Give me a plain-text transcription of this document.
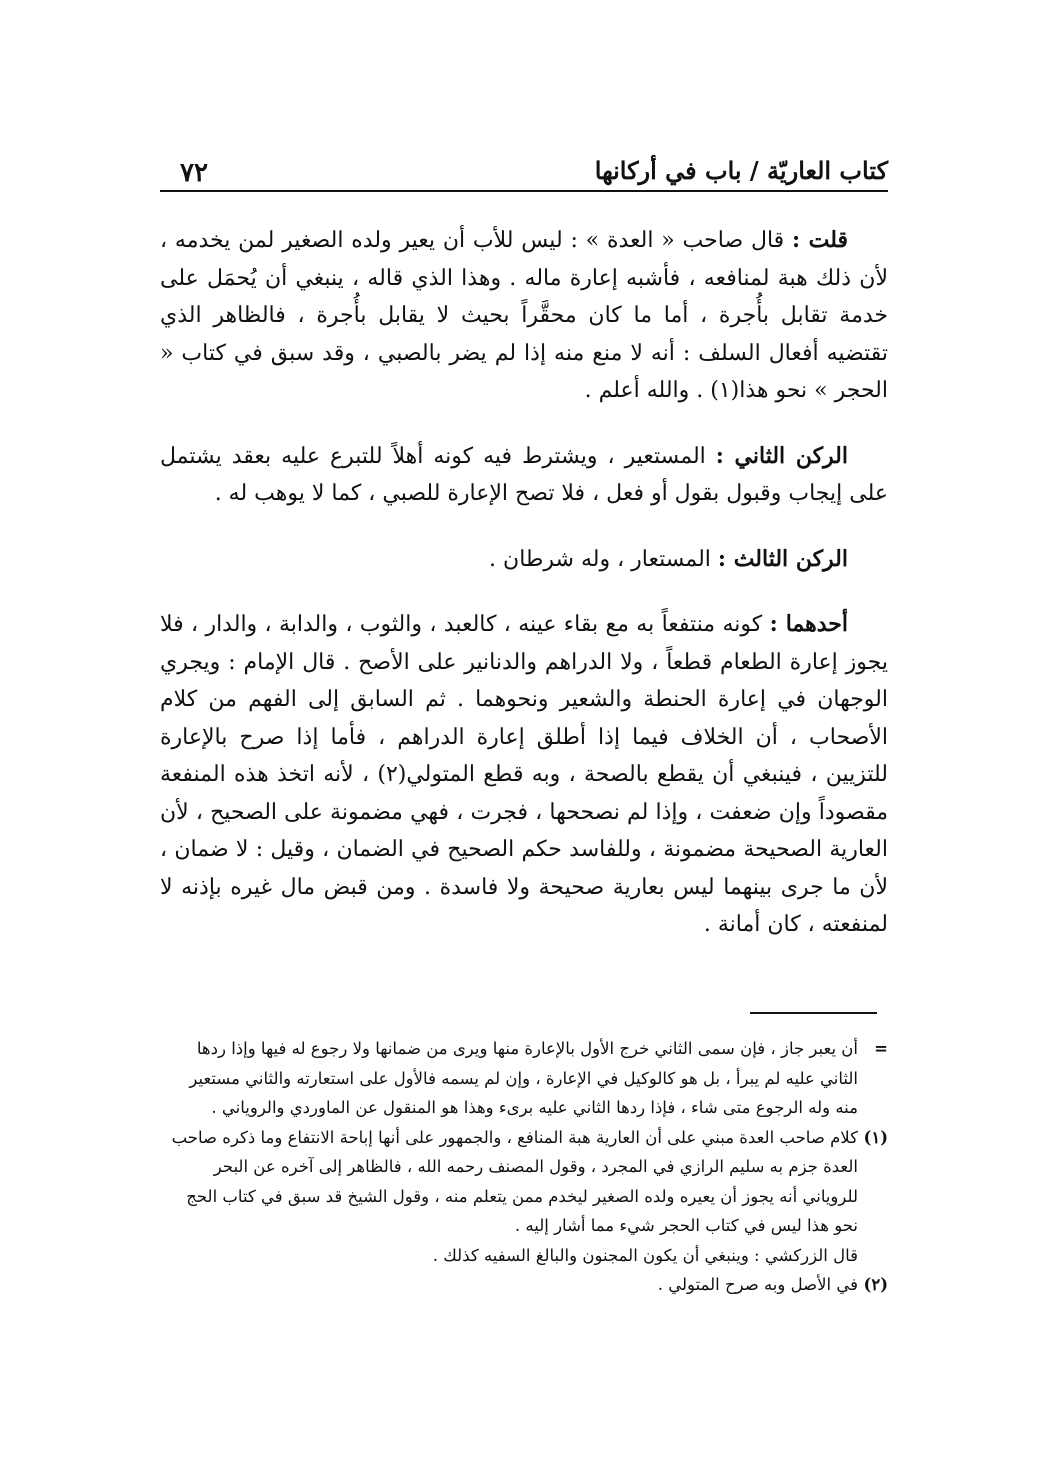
٧٢	كتاب العاريّة / باب في أركانها

قلت : قال صاحب « العدة » : ليس للأب أن يعير ولده الصغير لمن يخدمه ، لأن ذلك هبة لمنافعه ، فأشبه إعارة ماله . وهذا الذي قاله ، ينبغي أن يُحمَل على خدمة تقابل بأُجرة ، أما ما كان محقَّراً بحيث لا يقابل بأُجرة ، فالظاهر الذي تقتضيه أفعال السلف : أنه لا منع منه إذا لم يضر بالصبي ، وقد سبق في كتاب « الحجر » نحو هذا(١) . والله أعلم .

الركن الثاني : المستعير ، ويشترط فيه كونه أهلاً للتبرع عليه بعقد يشتمل على إيجاب وقبول بقول أو فعل ، فلا تصح الإعارة للصبي ، كما لا يوهب له .

الركن الثالث : المستعار ، وله شرطان .

أحدهما : كونه منتفعاً به مع بقاء عينه ، كالعبد ، والثوب ، والدابة ، والدار ، فلا يجوز إعارة الطعام قطعاً ، ولا الدراهم والدنانير على الأصح . قال الإمام : ويجري الوجهان في إعارة الحنطة والشعير ونحوهما . ثم السابق إلى الفهم من كلام الأصحاب ، أن الخلاف فيما إذا أطلق إعارة الدراهم ، فأما إذا صرح بالإعارة للتزيين ، فينبغي أن يقطع بالصحة ، وبه قطع المتولي(٢) ، لأنه اتخذ هذه المنفعة مقصوداً وإن ضعفت ، وإذا لم نصححها ، فجرت ، فهي مضمونة على الصحيح ، لأن العارية الصحيحة مضمونة ، وللفاسد حكم الصحيح في الضمان ، وقيل : لا ضمان ، لأن ما جرى بينهما ليس بعارية صحيحة ولا فاسدة . ومن قبض مال غيره بإذنه لا لمنفعته ، كان أمانة .

=
أن يعبر جاز ، فإن سمى الثاني خرج الأول بالإعارة منها ويرى من ضمانها ولا رجوع له فيها وإذا ردها الثاني عليه لم يبرأ ، بل هو كالوكيل في الإعارة ، وإن لم يسمه فالأول على استعارته والثاني مستعير منه وله الرجوع متى شاء ، فإذا ردها الثاني عليه برىء وهذا هو المنقول عن الماوردي والروياني .

(١)
كلام صاحب العدة مبني على أن العارية هبة المنافع ، والجمهور على أنها إباحة الانتفاع وما ذكره صاحب العدة جزم به سليم الرازي في المجرد ، وقول المصنف رحمه الله ، فالظاهر إلى آخره عن البحر للروياني أنه يجوز أن يعيره ولده الصغير ليخدم ممن يتعلم منه ، وقول الشيخ قد سبق في كتاب الحج نحو هذا ليس في كتاب الحجر شيء مما أشار إليه .

قال الزركشي : وينبغي أن يكون المجنون والبالغ السفيه كذلك .

(٢)
في الأصل وبه صرح المتولي .
